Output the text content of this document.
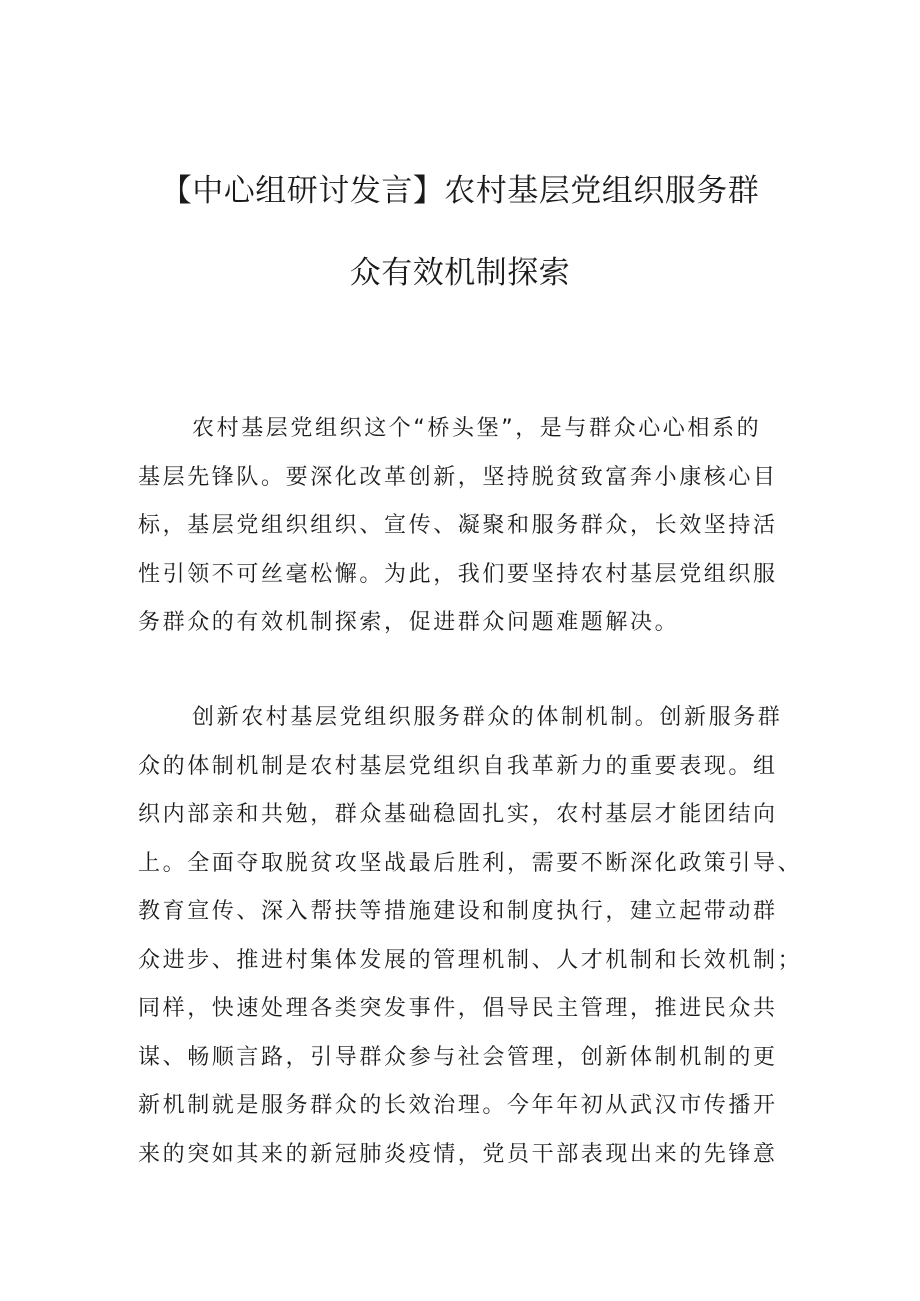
【中心组研讨发言】农村基层党组织服务群
众有效机制探索

农村基层党组织这个“桥头堡”，是与群众心心相系的
基层先锋队。要深化改革创新，坚持脱贫致富奔小康核心目
标，基层党组织组织、宣传、凝聚和服务群众，长效坚持活
性引领不可丝毫松懈。为此，我们要坚持农村基层党组织服
务群众的有效机制探索，促进群众问题难题解决。

创新农村基层党组织服务群众的体制机制。创新服务群
众的体制机制是农村基层党组织自我革新力的重要表现。组
织内部亲和共勉，群众基础稳固扎实，农村基层才能团结向
上。全面夺取脱贫攻坚战最后胜利，需要不断深化政策引导、
教育宣传、深入帮扶等措施建设和制度执行，建立起带动群
众进步、推进村集体发展的管理机制、人才机制和长效机制；
同样，快速处理各类突发事件，倡导民主管理，推进民众共
谋、畅顺言路，引导群众参与社会管理，创新体制机制的更
新机制就是服务群众的长效治理。今年年初从武汉市传播开
来的突如其来的新冠肺炎疫情，党员干部表现出来的先锋意
